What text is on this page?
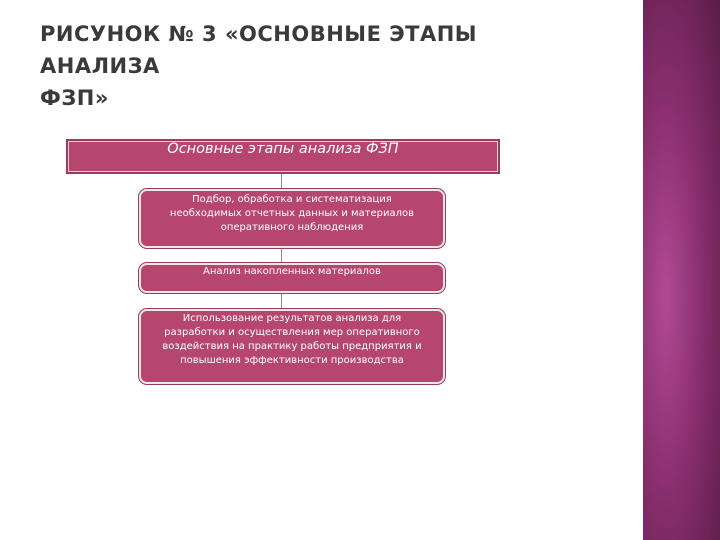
РИСУНОК № 3 «ОСНОВНЫЕ ЭТАПЫ АНАЛИЗА
ФЗП»
Основные этапы анализа ФЗП
Подбор, обработка и систематизация
необходимых отчетных данных и материалов
оперативного наблюдения
Анализ накопленных материалов
Использование результатов анализа для
разработки и осуществления мер оперативного
воздействия на практику работы предприятия и
повышения эффективности производства
